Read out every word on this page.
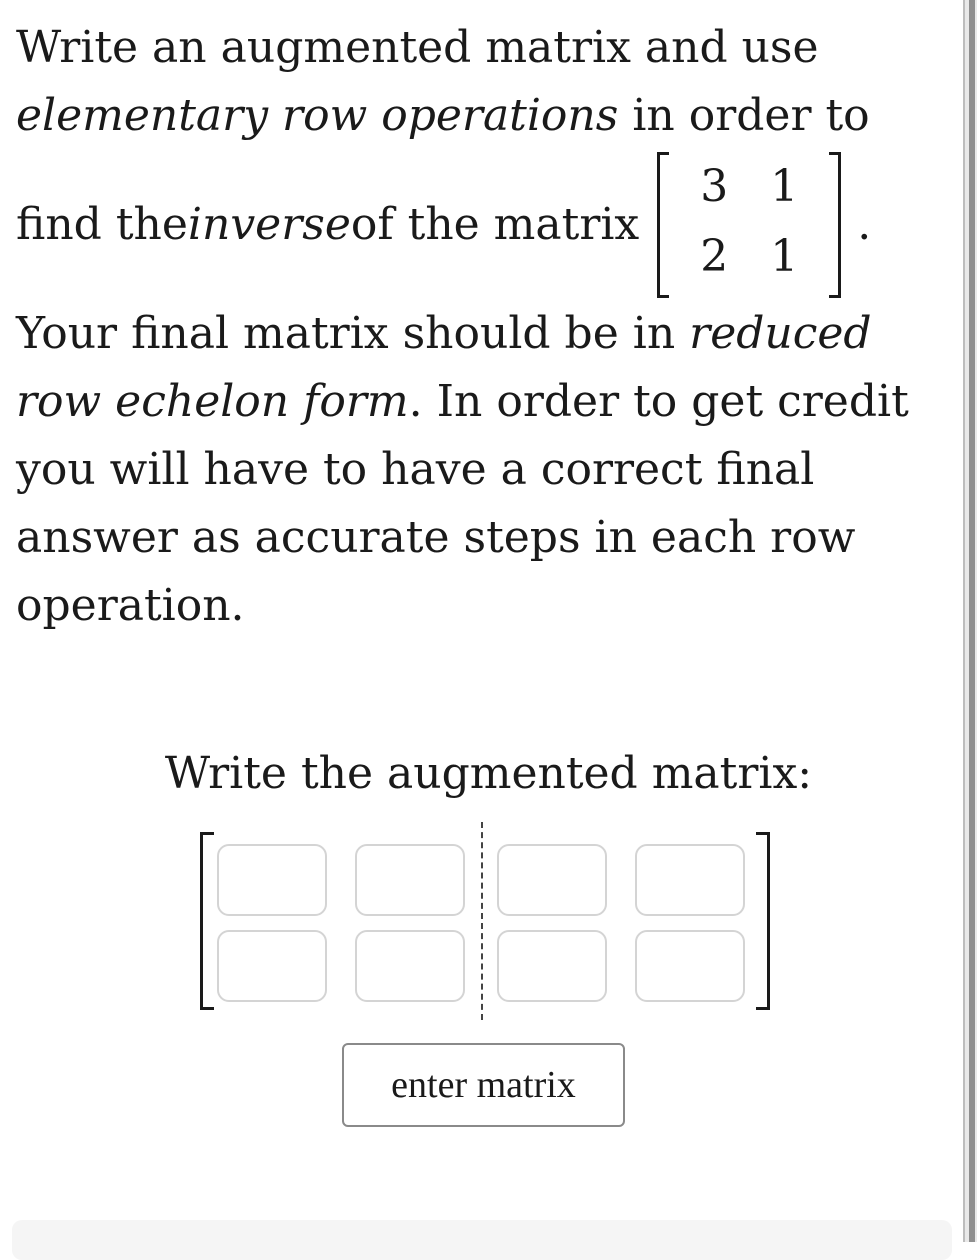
Write an augmented matrix and use
elementary row operations in order to
find the inverse of the matrix
3 1
2 1
.
Your final matrix should be in reduced
row echelon form. In order to get credit
you will have to have a correct final
answer as accurate steps in each row
operation.
Write the augmented matrix:
enter matrix
